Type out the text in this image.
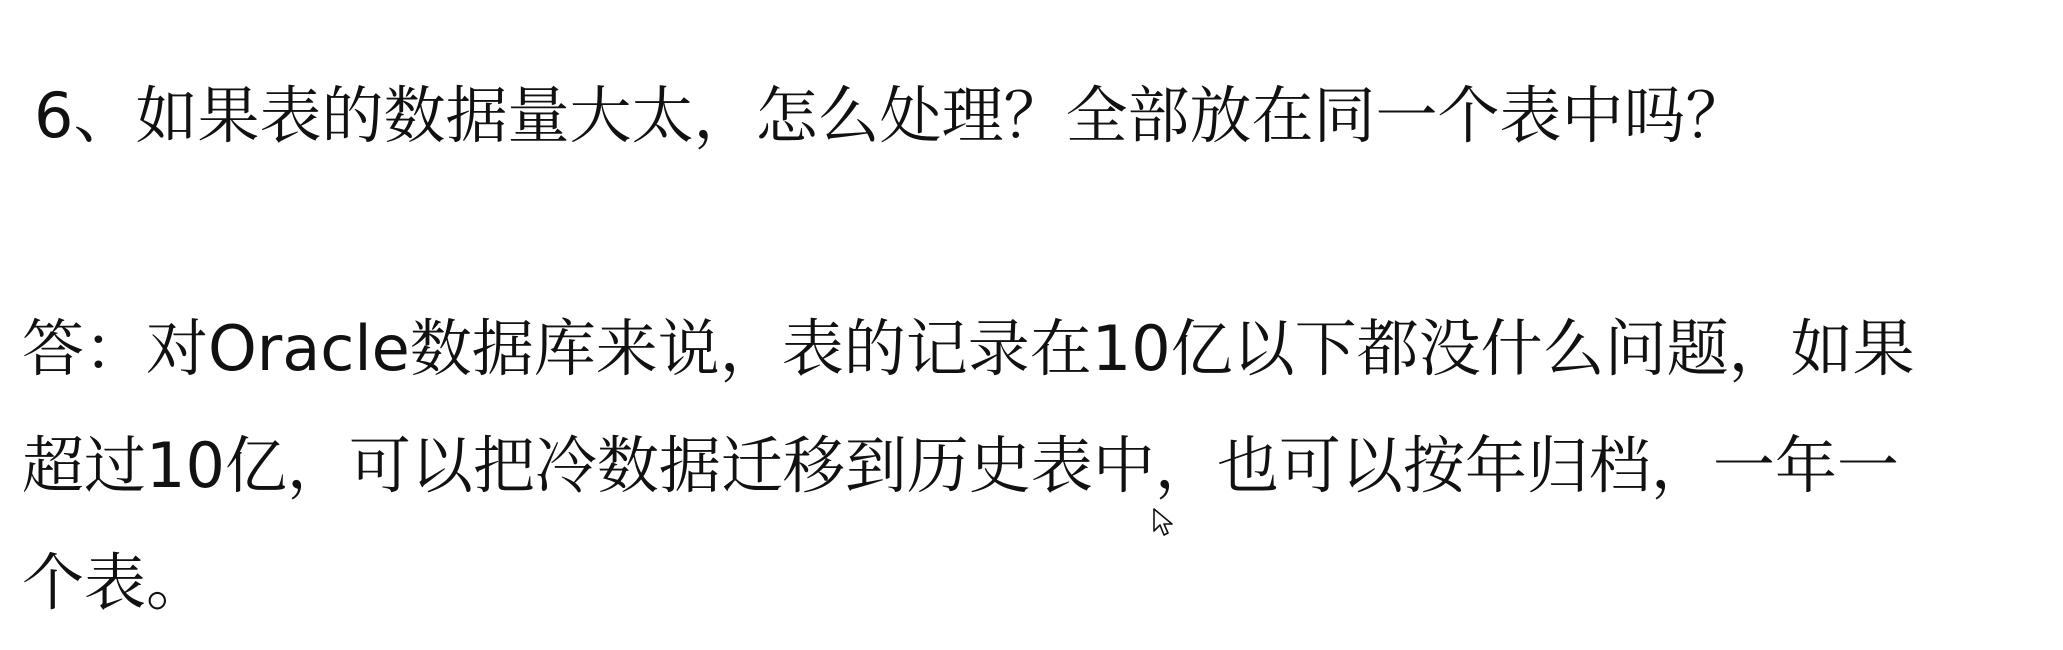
6、如果表的数据量大太，怎么处理？全部放在同一个表中吗？
答：对Oracle数据库来说，表的记录在10亿以下都没什么问题，如果
超过10亿，可以把冷数据迁移到历史表中，也可以按年归档，一年一
个表。
